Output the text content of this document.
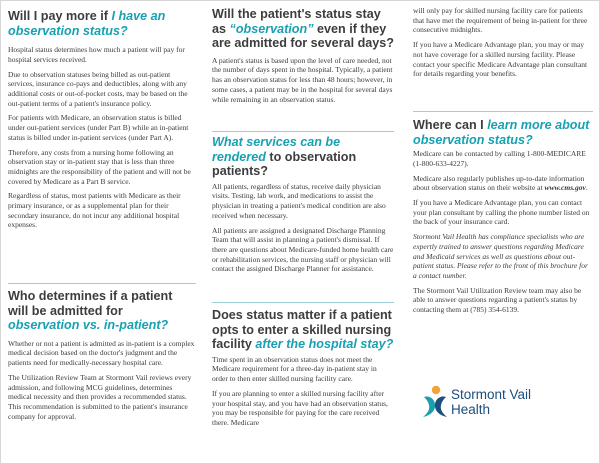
Will I pay more if I have an observation status?

Hospital status determines how much a patient will pay for hospital services received.

Due to observation statuses being billed as out-patient services, insurance co-pays and deductibles, along with any additional costs or out-of-pocket costs, may be based on the out-patient terms of a patient's insurance policy.

For patients with Medicare, an observation status is billed under out-patient services (under Part B) while an in-patient status is billed under in-patient services (under Part A).

Therefore, any costs from a nursing home following an observation stay or in-patient stay that is less than three midnights are the responsibility of the patient and will not be covered by Medicare as a Part B service.

Regardless of status, most patients with Medicare as their primary insurance, or as a supplemental plan for their secondary insurance, do not incur any additional hospital expenses.

Who determines if a patient will be admitted for observation vs. in-patient?

Whether or not a patient is admitted as in-patient is a complex medical decision based on the doctor's judgment and the patients need for medically-necessary hospital care.

The Utilization Review Team at Stormont Vail reviews every admission, and following MCG guidelines, determines medical necessity and then provides a recommended status. This recommendation is submitted to the patient's insurance company for approval.

Will the patient's status stay as “observation” even if they are admitted for several days?

A patient's status is based upon the level of care needed, not the number of days spent in the hospital. Typically, a patient has an observation status for less than 48 hours; however, in some cases, a patient may be in the hospital for several days while remaining in an observation status.

What services can be rendered to observation patients?

All patients, regardless of status, receive daily physician visits. Testing, lab work, and medications to assist the physician in treating a patient's medical condition are also received when necessary.

All patients are assigned a designated Discharge Planning Team that will assist in planning a patient's dismissal. If there are questions about Medicare-funded home health care or rehabilitation services, the nursing staff or physician will contact the assigned Discharge Planner for assistance.

Does status matter if a patient opts to enter a skilled nursing facility after the hospital stay?

Time spent in an observation status does not meet the Medicare requirement for a three-day in-patient stay in order to then enter skilled nursing facility care.

If you are planning to enter a skilled nursing facility after your hospital stay, and you have had an observation status, you may be responsible for paying for the care received there. Medicare

will only pay for skilled nursing facility care for patients that have met the requirement of being in-patient for three consecutive midnights.

If you have a Medicare Advantage plan, you may or may not have coverage for a skilled nursing facility. Please contact your specific Medicare Advantage plan consultant for details regarding your benefits.

Where can I learn more about observation status?

Medicare can be contacted by calling 1-800-MEDICARE (1-800-633-4227).

Medicare also regularly publishes up-to-date information about observation status on their website at www.cms.gov.

If you have a Medicare Advantage plan, you can contact your plan consultant by calling the phone number listed on the back of your insurance card.

Stormont Vail Health has compliance specialists who are expertly trained to answer questions regarding Medicare and Medicaid services as well as questions about out-patient status. Please refer to the front of this brochure for a contact number.

The Stormont Vail Utilization Review team may also be able to answer questions regarding a patient's status by contacting them at (785) 354-6139.

Stormont Vail
Health
